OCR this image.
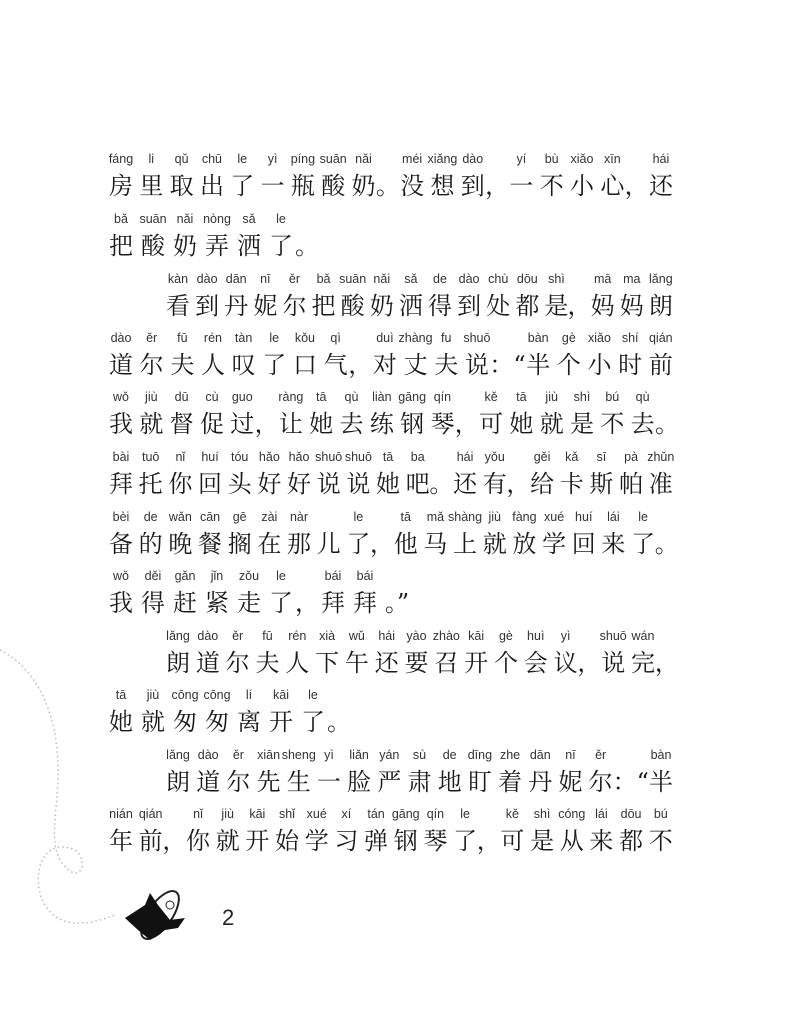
fáng
房
li
里
qǔ
取
chū
出
le
了
yì
一
píng
瓶
suān
酸
nǎi
奶 。
méi
没
xiǎng
想
dào
到 ，
yí
一
bù
不
xiǎo
小
xīn
心 ，
hái
还
bǎ
把
suān
酸
nǎi
奶
nòng
弄
sǎ
洒
le
了 。
kàn
看
dào
到
dān
丹
nī
妮
ěr
尔
bǎ
把
suān
酸
nǎi
奶
sǎ
洒
de
得
dào
到
chù
处
dōu
都
shì
是 ，
mā
妈
ma
妈
lǎng
朗
dào
道
ěr
尔
fū
夫
rén
人
tàn
叹
le
了
kǒu
口
qì
气 ，
duì
对
zhàng
丈
fu
夫
shuō
说 ：“
bàn
半
gè
个
xiǎo
小
shí
时
qián
前
wǒ
我
jiù
就
dū
督
cù
促
guo
过 ，
ràng
让
tā
她
qù
去
liàn
练
gāng
钢
qín
琴 ，
kě
可
tā
她
jiù
就
shì
是
bú
不
qù
去 。
bài
拜
tuō
托
nǐ
你
huí
回
tóu
头
hǎo
好
hǎo
好
shuō
说
shuō
说
tā
她
ba
吧 。
hái
还
yǒu
有 ，
gěi
给
kǎ
卡
sī
斯
pà
帕
zhǔn
准
bèi
备
de
的
wǎn
晚
cān
餐
gē
搁
zài
在
nàr
那 儿
le
了 ，
tā
他
mǎ
马
shàng
上
jiù
就
fàng
放
xué
学
huí
回
lái
来
le
了 。
wǒ
我
děi
得
gǎn
赶
jǐn
紧
zǒu
走
le
了 ，
bái
拜
bái
拜 。”
lǎng
朗
dào
道
ěr
尔
fū
夫
rén
人
xià
下
wǔ
午
hái
还
yào
要
zhào
召
kāi
开
gè
个
huì
会
yì
议 ，
shuō
说
wán
完 ，
tā
她
jiù
就
cōng
匆
cōng
匆
lí
离
kāi
开
le
了 。
lǎng
朗
dào
道
ěr
尔
xiān
先
sheng
生
yì
一
liǎn
脸
yán
严
sù
肃
de
地
dīng
盯
zhe
着
dān
丹
nī
妮
ěr
尔 ：“
bàn
半
nián
年
qián
前 ，
nǐ
你
jiù
就
kāi
开
shǐ
始
xué
学
xí
习
tán
弹
gāng
钢
qín
琴
le
了 ，
kě
可
shì
是
cóng
从
lái
来
dōu
都
bú
不
2
